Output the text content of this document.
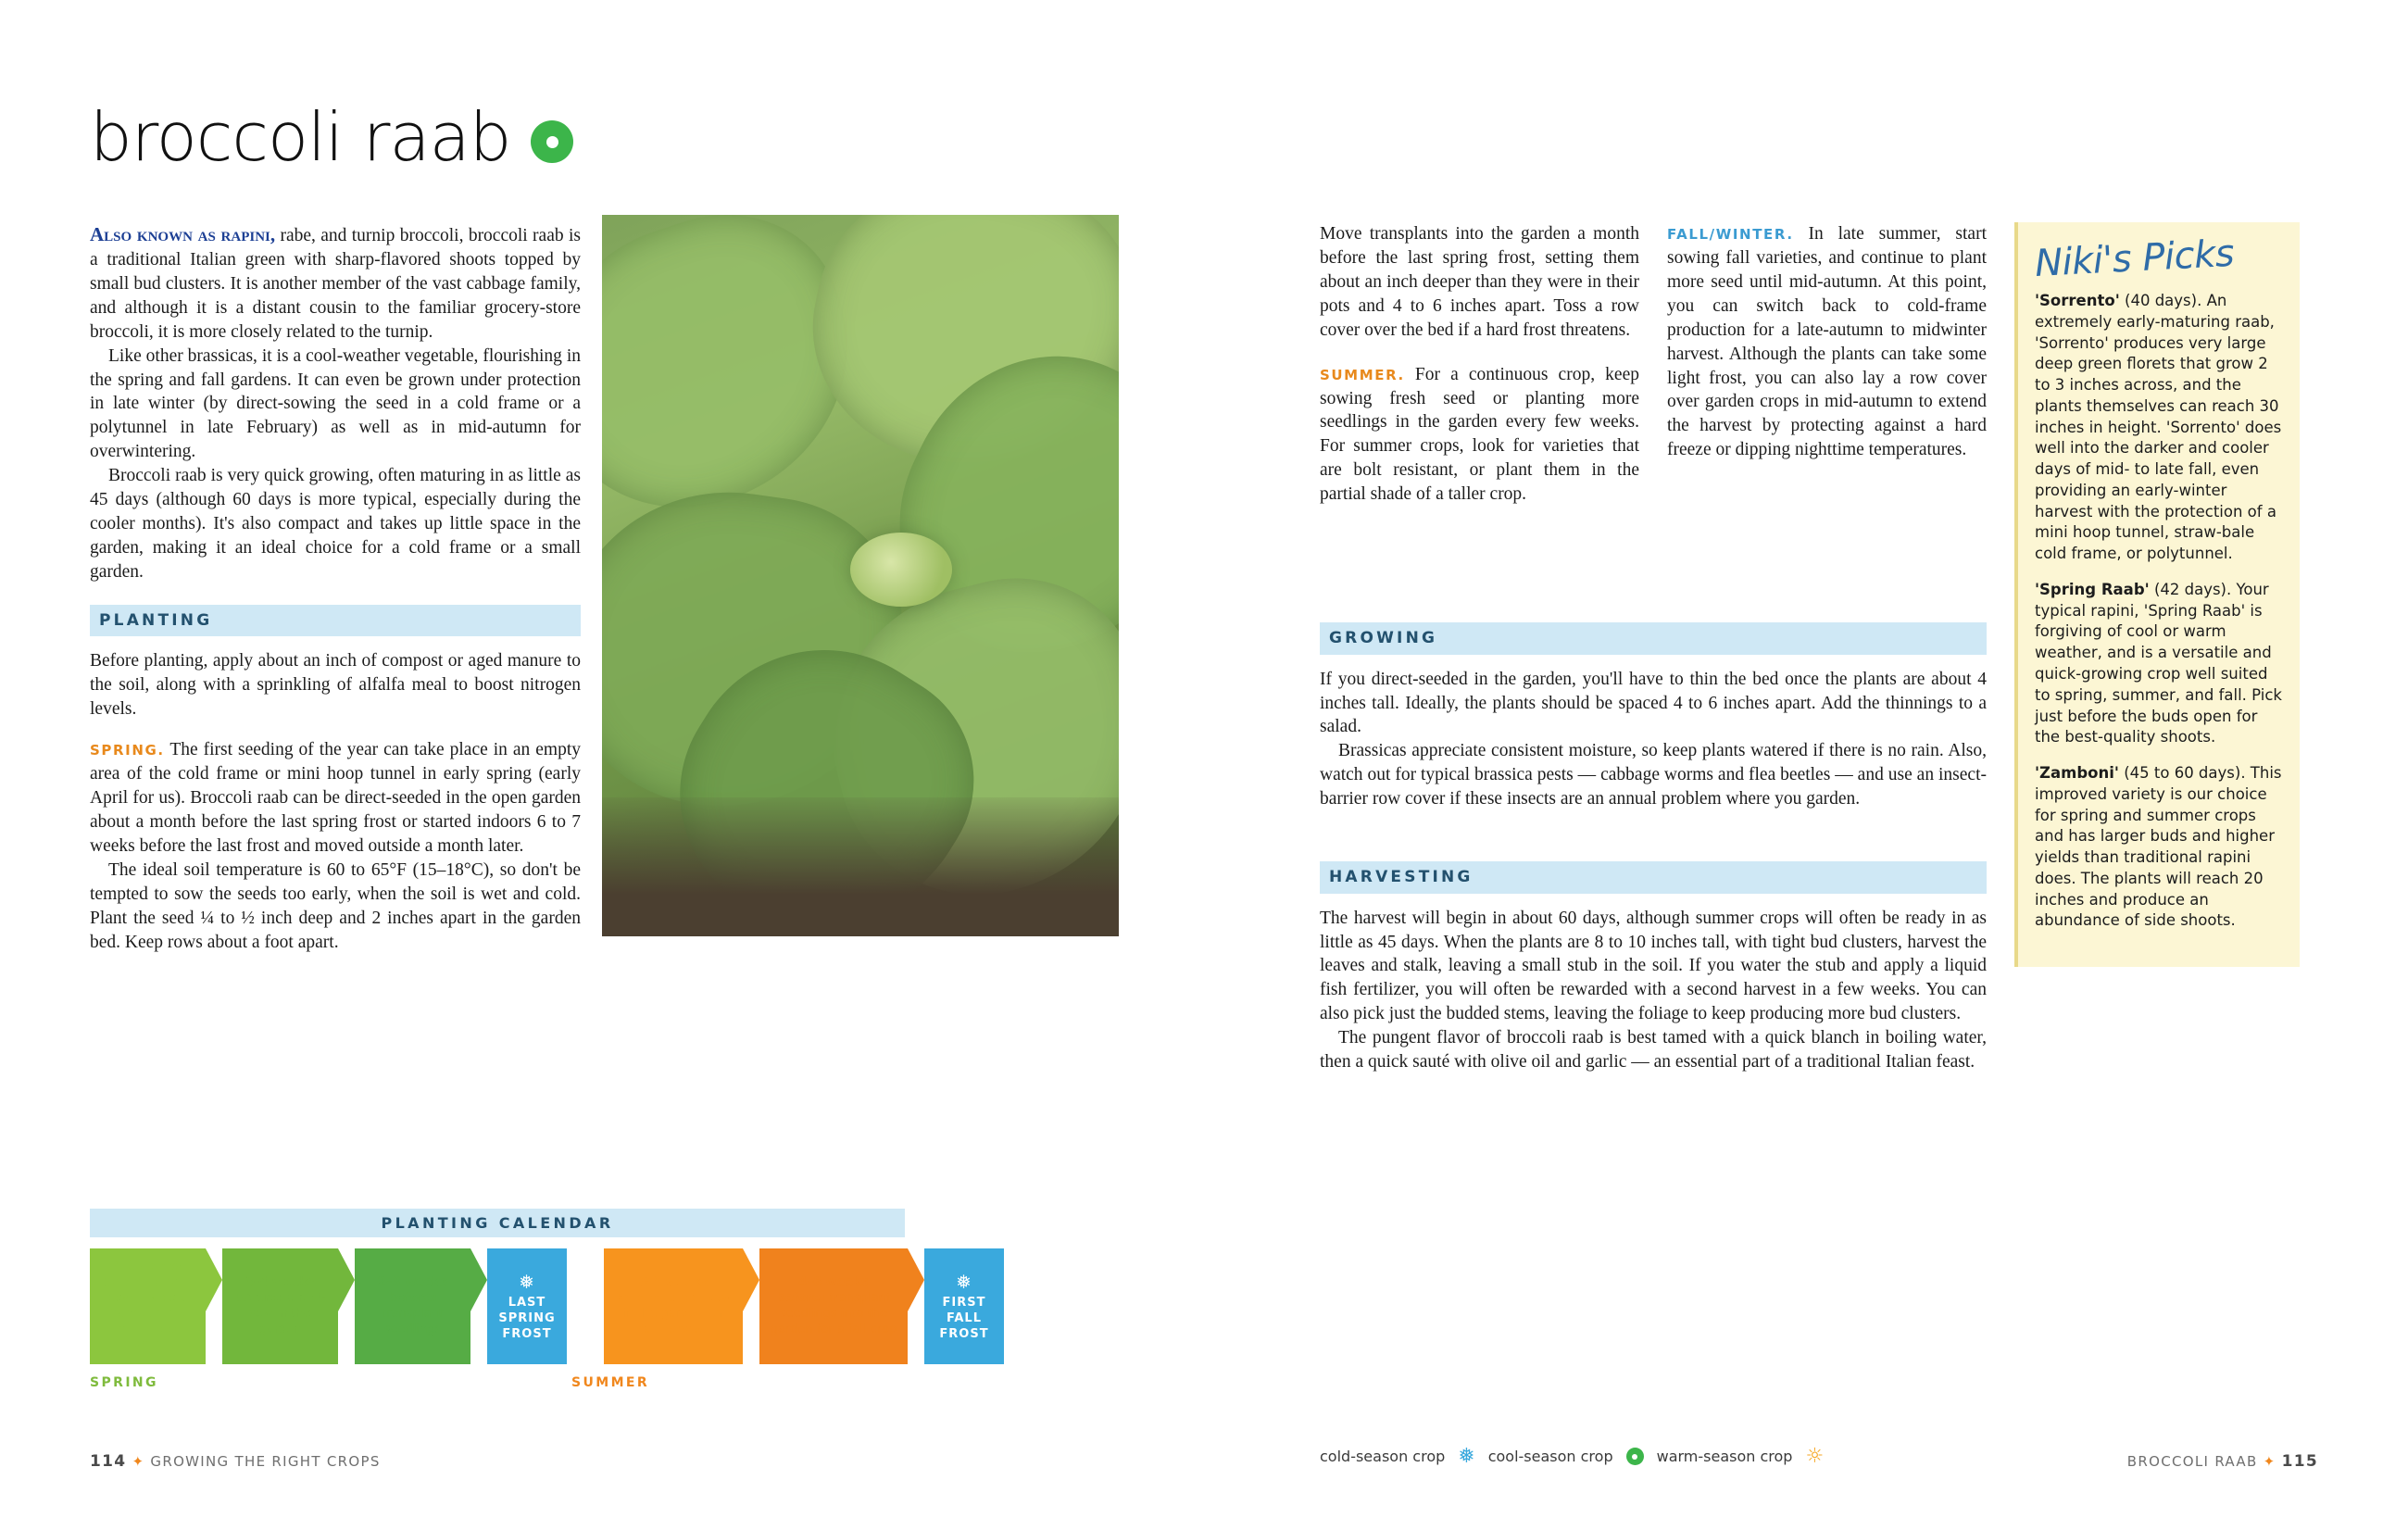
broccoli raab

Also known as rapini, rabe, and turnip broccoli, broccoli raab is a traditional Italian green with sharp-flavored shoots topped by small bud clusters. It is another member of the vast cabbage family, and although it is a distant cousin to the familiar grocery-store broccoli, it is more closely related to the turnip.

Like other brassicas, it is a cool-weather vegetable, flourishing in the spring and fall gardens. It can even be grown under protection in late winter (by direct-sowing the seed in a cold frame or a polytunnel in late February) as well as in mid-autumn for overwintering.

Broccoli raab is very quick growing, often maturing in as little as 45 days (although 60 days is more typical, especially during the cooler months). It's also compact and takes up little space in the garden, making it an ideal choice for a cold frame or a small garden.

PLANTING

Before planting, apply about an inch of compost or aged manure to the soil, along with a sprinkling of alfalfa meal to boost nitrogen levels.

SPRING. The first seeding of the year can take place in an empty area of the cold frame or mini hoop tunnel in early spring (early April for us). Broccoli raab can be direct-seeded in the open garden about a month before the last spring frost or started indoors 6 to 7 weeks before the last frost and moved outside a month later.

The ideal soil temperature is 60 to 65°F (15–18°C), so don't be tempted to sow the seeds too early, when the soil is wet and cold. Plant the seed ¼ to ½ inch deep and 2 inches apart in the garden bed. Keep rows about a foot apart.

Move transplants into the garden a month before the last spring frost, setting them about an inch deeper than they were in their pots and 4 to 6 inches apart. Toss a row cover over the bed if a hard frost threatens.

SUMMER. For a continuous crop, keep sowing fresh seed or planting more seedlings in the garden every few weeks. For summer crops, look for varieties that are bolt resistant, or plant them in the partial shade of a taller crop.

FALL/WINTER. In late summer, start sowing fall varieties, and continue to plant more seed until mid-autumn. At this point, you can switch back to cold-frame production for a late-autumn to midwinter harvest. Although the plants can take some light frost, you can also lay a row cover over garden crops in mid-autumn to extend the harvest by protecting against a hard freeze or dipping nighttime temperatures.

GROWING

If you direct-seeded in the garden, you'll have to thin the bed once the plants are about 4 inches tall. Ideally, the plants should be spaced 4 to 6 inches apart. Add the thinnings to a salad.

Brassicas appreciate consistent moisture, so keep plants watered if there is no rain. Also, watch out for typical brassica pests — cabbage worms and flea beetles — and use an insect-barrier row cover if these insects are an annual problem where you garden.

HARVESTING

The harvest will begin in about 60 days, although summer crops will often be ready in as little as 45 days. When the plants are 8 to 10 inches tall, with tight bud clusters, harvest the leaves and stalk, leaving a small stub in the soil. If you water the stub and apply a liquid fish fertilizer, you will often be rewarded with a second harvest in a few weeks. You can also pick just the budded stems, leaving the foliage to keep producing more bud clusters.

The pungent flavor of broccoli raab is best tamed with a quick blanch in boiling water, then a quick sauté with olive oil and garlic — an essential part of a traditional Italian feast.

Niki's Picks

'Sorrento' (40 days). An extremely early-maturing raab, 'Sorrento' produces very large deep green florets that grow 2 to 3 inches across, and the plants themselves can reach 30 inches in height. 'Sorrento' does well into the darker and cooler days of mid- to late fall, even providing an early-winter harvest with the protection of a mini hoop tunnel, straw-bale cold frame, or polytunnel.

'Spring Raab' (42 days). Your typical rapini, 'Spring Raab' is forgiving of cool or warm weather, and is a versatile and quick-growing crop well suited to spring, summer, and fall. Pick just before the buds open for the best-quality shoots.

'Zamboni' (45 to 60 days). This improved variety is our choice for spring and summer crops and has larger buds and higher yields than traditional rapini does. The plants will reach 20 inches and produce an abundance of side shoots.

PLANTING CALENDAR
4–6 weeks
before: direct-sow in a cold frame or in a mini hoop tunnel
3–4 weeks
before: direct-sow in the garden
2–3 weeks
before: transplant seedlings
❅
LAST SPRING FROST
6–8 weeks
before: direct-sow in the garden for fall harvest
4–6 weeks
before: transplant seedlings into the garden for a fall crop
❅
FIRST FALL FROST
SPRING	SUMMER
114 ✦ GROWING THE RIGHT CROPS	cold-season crop ❅ cool-season crop	warm-season crop ☼	BROCCOLI RAAB ✦ 115
